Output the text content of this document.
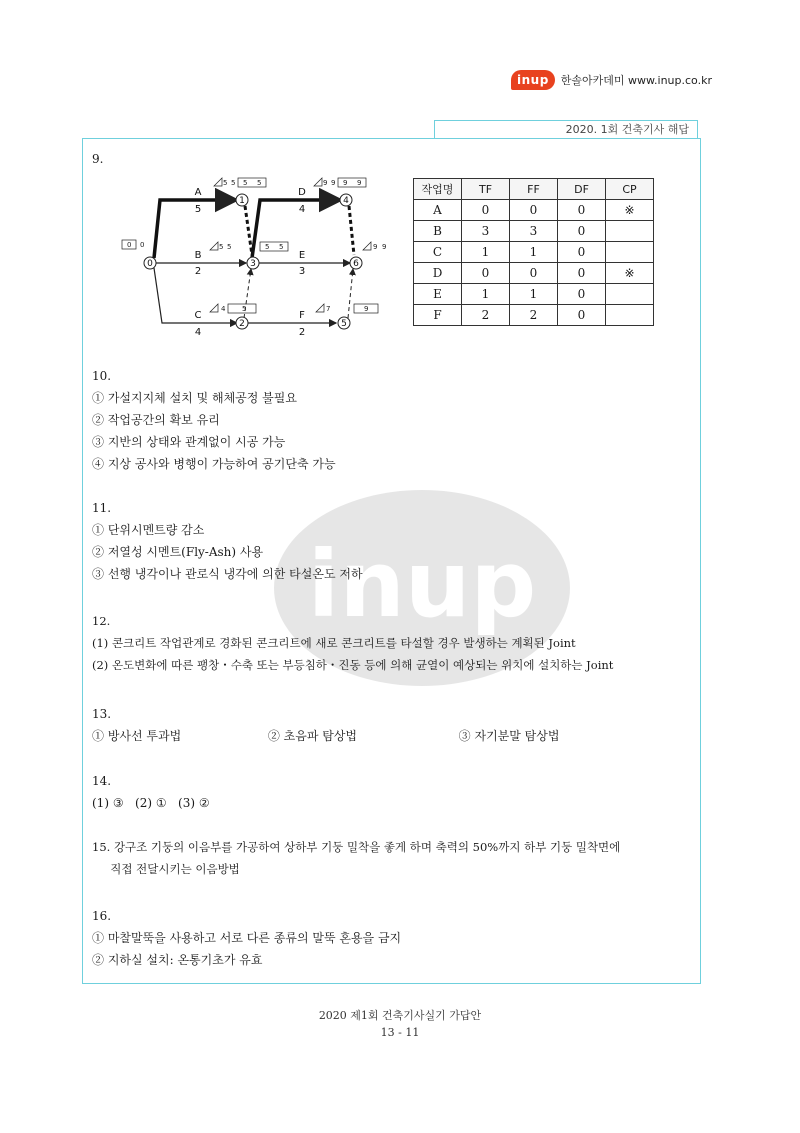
inup	한솔아카데미 www.inup.co.kr
2020. 1회 건축기사 해답
inup
9.
0
1
2
3
4
5
6
A
5
B
2
C
4
D
4
E
3
F
2
0 0
5 5 5 5
5 5	5 5
4 5
9 9 9 9
9 9
7	9
작업명	TF	FF	DF	CP
A	0	0	0	※
B	3	3	0	
C	1	1	0	
D	0	0	0	※
E	1	1	0	
F	2	2	0	
10.
① 가설지지체 설치 및 해체공정 불필요
② 작업공간의 확보 유리
③ 지반의 상태와 관계없이 시공 가능
④ 지상 공사와 병행이 가능하여 공기단축 가능
11.
① 단위시멘트량 감소
② 저열성 시멘트(Fly-Ash) 사용
③ 선행 냉각이나 관로식 냉각에 의한 타설온도 저하
12.
(1) 콘크리트 작업관계로 경화된 콘크리트에 새로 콘크리트를 타설할 경우 발생하는 계획된 Joint
(2) 온도변화에 따른 팽창・수축 또는 부등침하・진동 등에 의해 균열이 예상되는 위치에 설치하는 Joint
13.
① 방사선 투과법	② 초음파 탐상법	③ 자기분말 탐상법
14.
(1) ③   (2) ①   (3) ②
15. 강구조 기둥의 이음부를 가공하여 상하부 기둥 밀착을 좋게 하며 축력의 50%까지 하부 기둥 밀착면에
직접 전달시키는 이음방법
16.
① 마찰말뚝을 사용하고 서로 다른 종류의 말뚝 혼용을 금지
② 지하실 설치: 온통기초가 유효
2020 제1회 건축기사실기 가답안
13 - 11
